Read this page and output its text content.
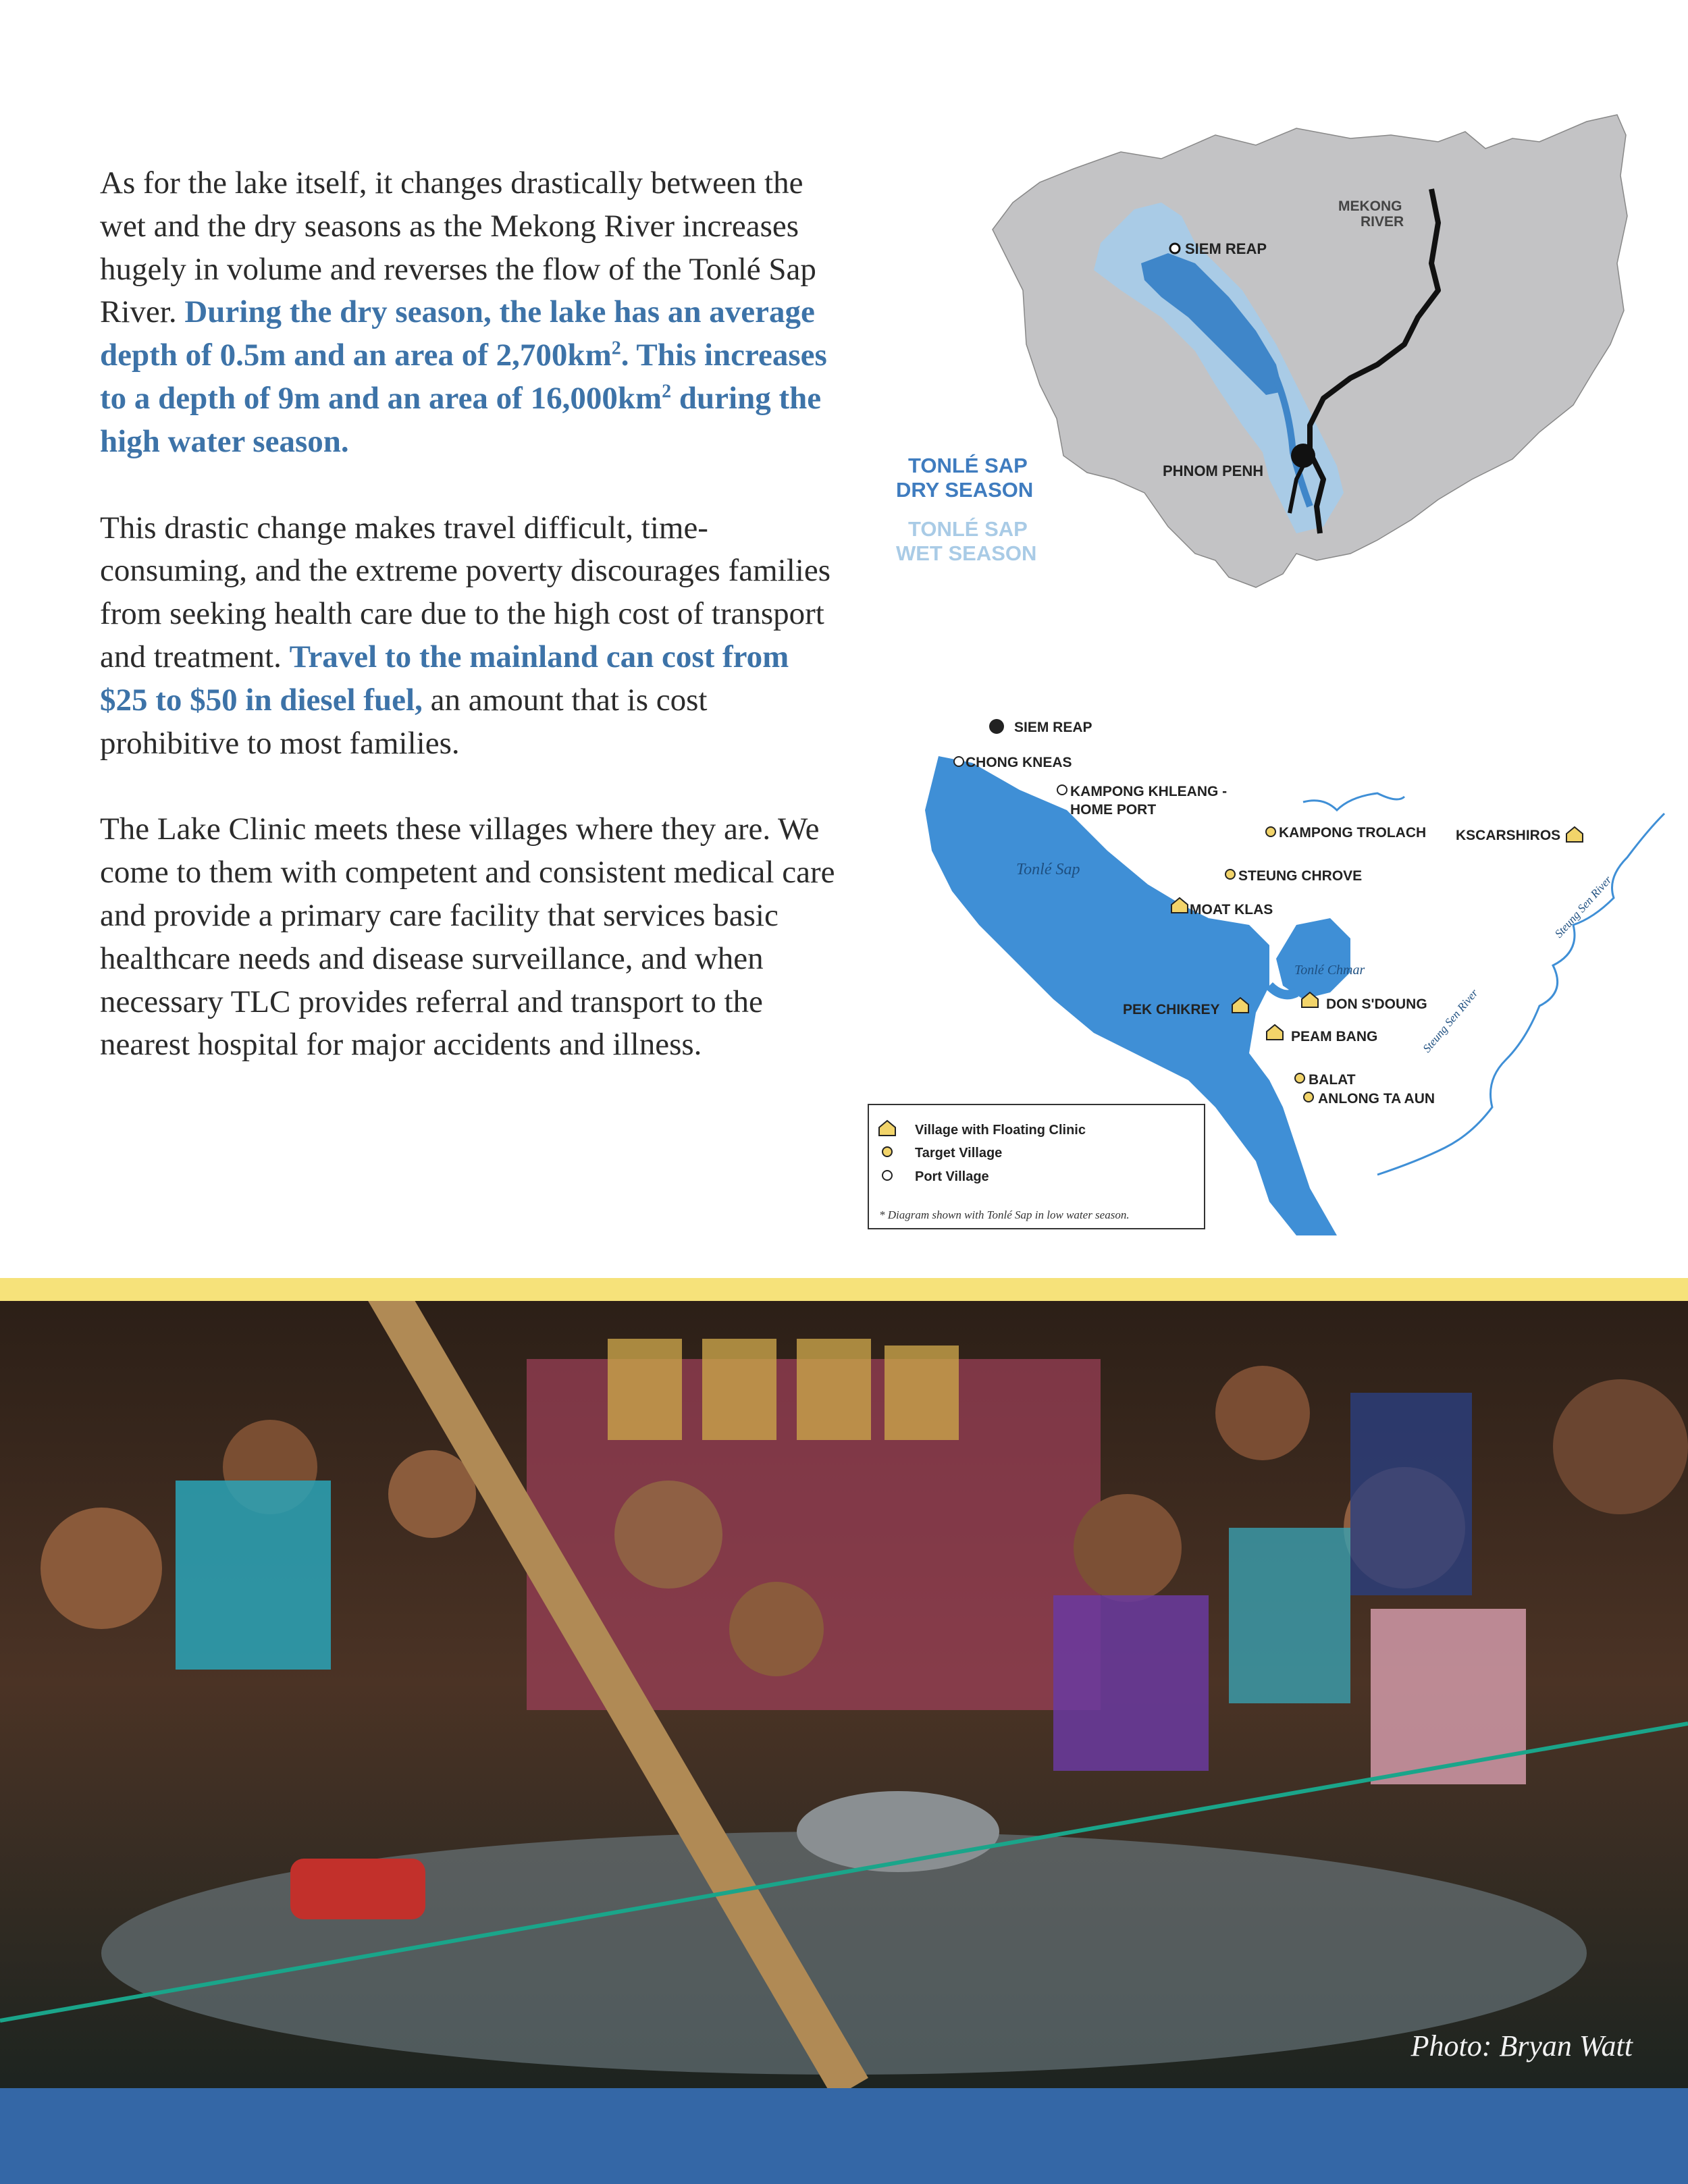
As for the lake itself, it changes drastically between the wet and the dry seasons as the Mekong River increases hugely in volume and reverses the flow of the Tonlé Sap River. During the dry season, the lake has an average depth of 0.5m and an area of $2,700km^2$. This increases to a depth of 9m and an area of $16,000km^2$ during the high water season.

This drastic change makes travel difficult, time-consuming, and the extreme poverty discourages families from seeking health care due to the high cost of transport and treatment. Travel to the mainland can cost from $25 to $50 in diesel fuel, an amount that is cost prohibitive to most families.

The Lake Clinic meets these villages where they are. We come to them with competent and consistent medical care and provide a primary care facility that services basic healthcare needs and disease surveillance, and when necessary TLC provides referral and transport to the nearest hospital for major accidents and illness.

SIEM REAP
PHNOM PENH
MEKONG
RIVER
TONLÉ SAP
DRY SEASON
TONLÉ SAP
WET SEASON
SIEM REAP
CHONG KNEAS
KAMPONG KHLEANG -
HOME PORT
KAMPONG TROLACH KSCARSHIROS
STEUNG CHROVE
MOAT KLAS
PEK CHIKREY	DON S'DOUNG
PEAM BANG
BALAT
ANLONG TA AUN
Tonlé Sap
Tonlé Chmar
Steung Sen River
Steung Sen River
Village with Floating Clinic
Target Village
Port Village
* Diagram shown with Tonlé Sap in low water season.
Photo: Bryan Watt
